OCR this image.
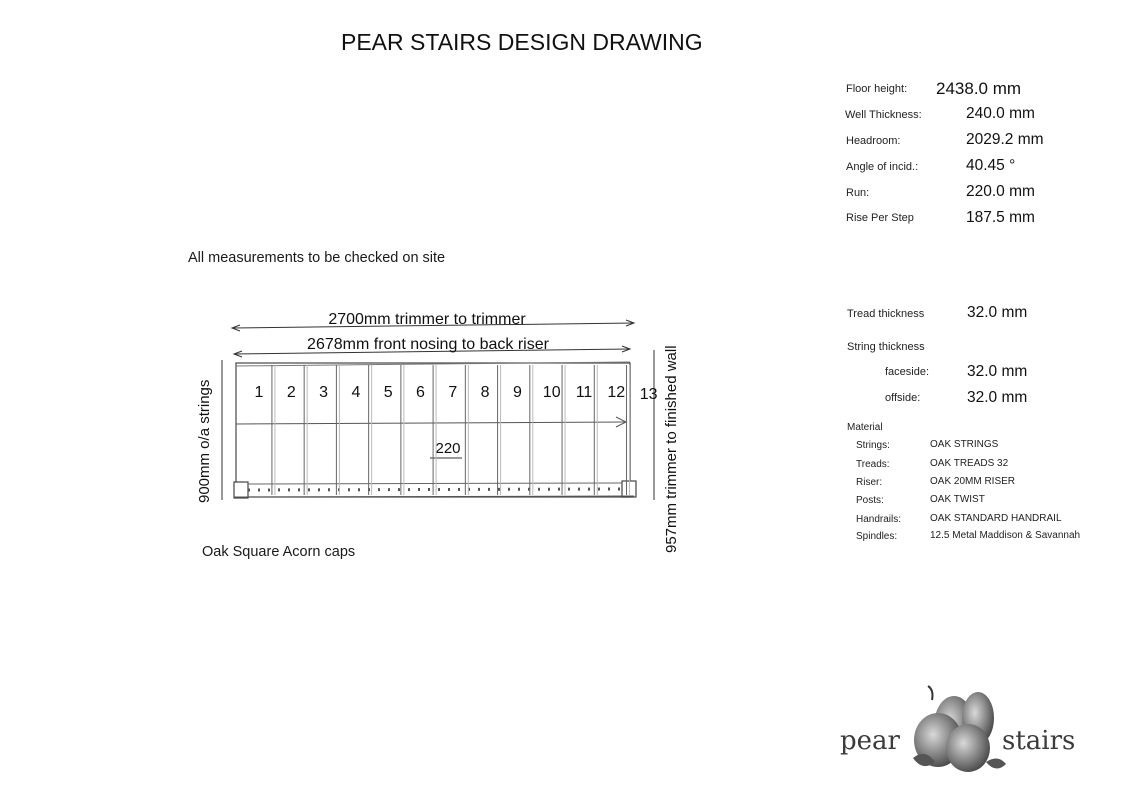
PEAR STAIRS DESIGN DRAWING
All measurements to be checked on site
Oak Square Acorn caps
Floor height: 2438.0 mm
Well Thickness:	240.0 mm
Headroom:	2029.2 mm
Angle of incid.:	40.45 °
Run:	220.0 mm
Rise Per Step	187.5 mm
Tread thickness	32.0 mm
String thickness
faceside: 32.0 mm
offside:	32.0 mm
Material
Strings:	OAK STRINGS
Treads:	OAK TREADS 32
Riser:	OAK 20MM RISER
Posts:	OAK TWIST
Handrails:	OAK STANDARD HANDRAIL
Spindles:	12.5 Metal Maddison & Savannah
2700mm trimmer to trimmer
2678mm front nosing to back riser
900mm o/a strings	957mm trimmer to finished wall
220
1 2 3 4 5 6 7 8 9 10 11 12 13
pear	stairs
